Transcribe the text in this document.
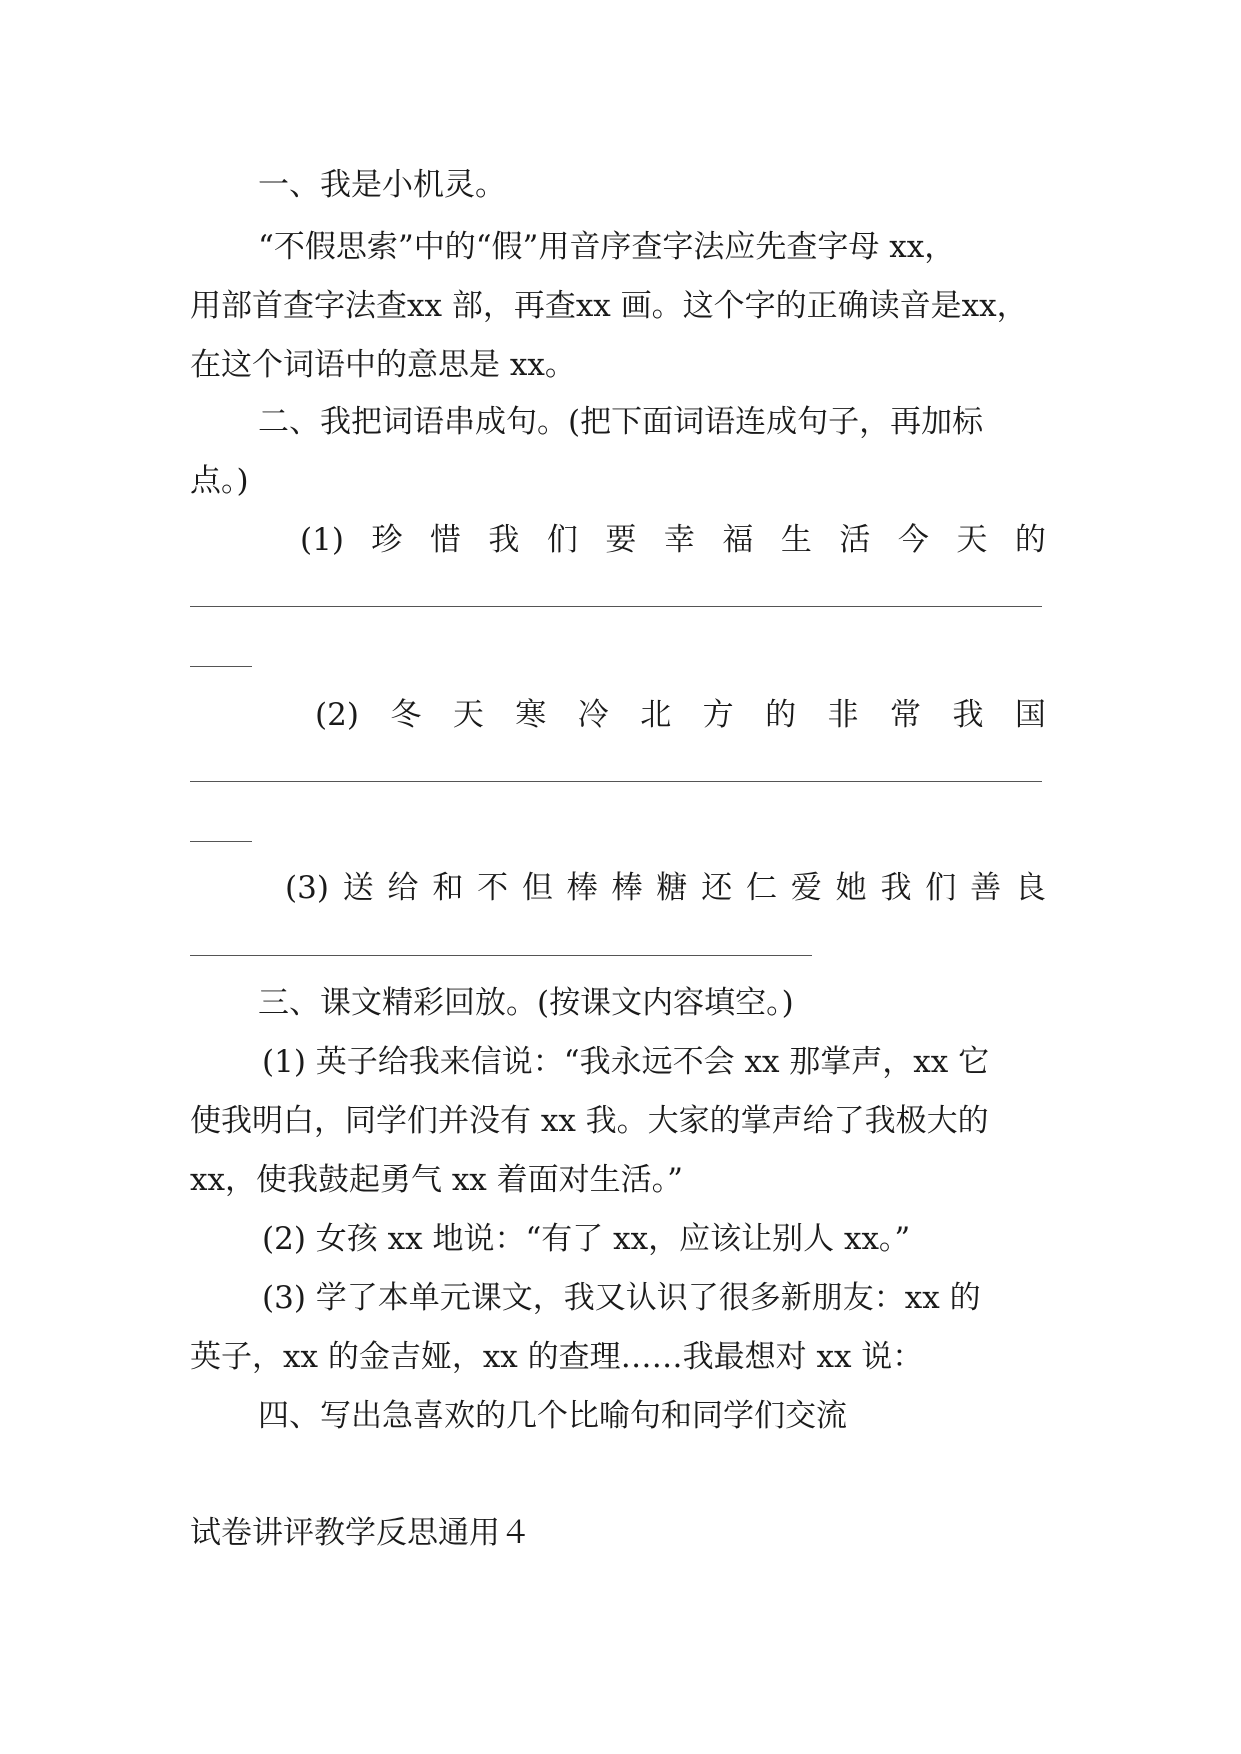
一、我是小机灵。
“不假思索”中的“假”用音序查字法应先查字母 xx，
用部首查字法查xx 部，再查xx 画。这个字的正确读音是xx，
在这个词语中的意思是 xx。
二、我把词语串成句。(把下面词语连成句子，再加标
点。)
(1) 珍 惜 我 们 要 幸 福 生 活 今 天 的
(2) 冬 天 寒 冷 北 方 的 非 常 我 国
(3) 送 给 和 不 但 棒 棒 糖 还 仁 爱 她 我 们 善 良
三、课文精彩回放。(按课文内容填空。)
(1) 英子给我来信说：“我永远不会 xx 那掌声，xx 它
使我明白，同学们并没有 xx 我。大家的掌声给了我极大的
xx，使我鼓起勇气 xx 着面对生活。”
(2) 女孩 xx 地说：“有了 xx，应该让别人 xx。”
(3) 学了本单元课文，我又认识了很多新朋友：xx 的
英子，xx 的金吉娅，xx 的查理……我最想对 xx 说：
四、写出急喜欢的几个比喻句和同学们交流
试卷讲评教学反思通用４
